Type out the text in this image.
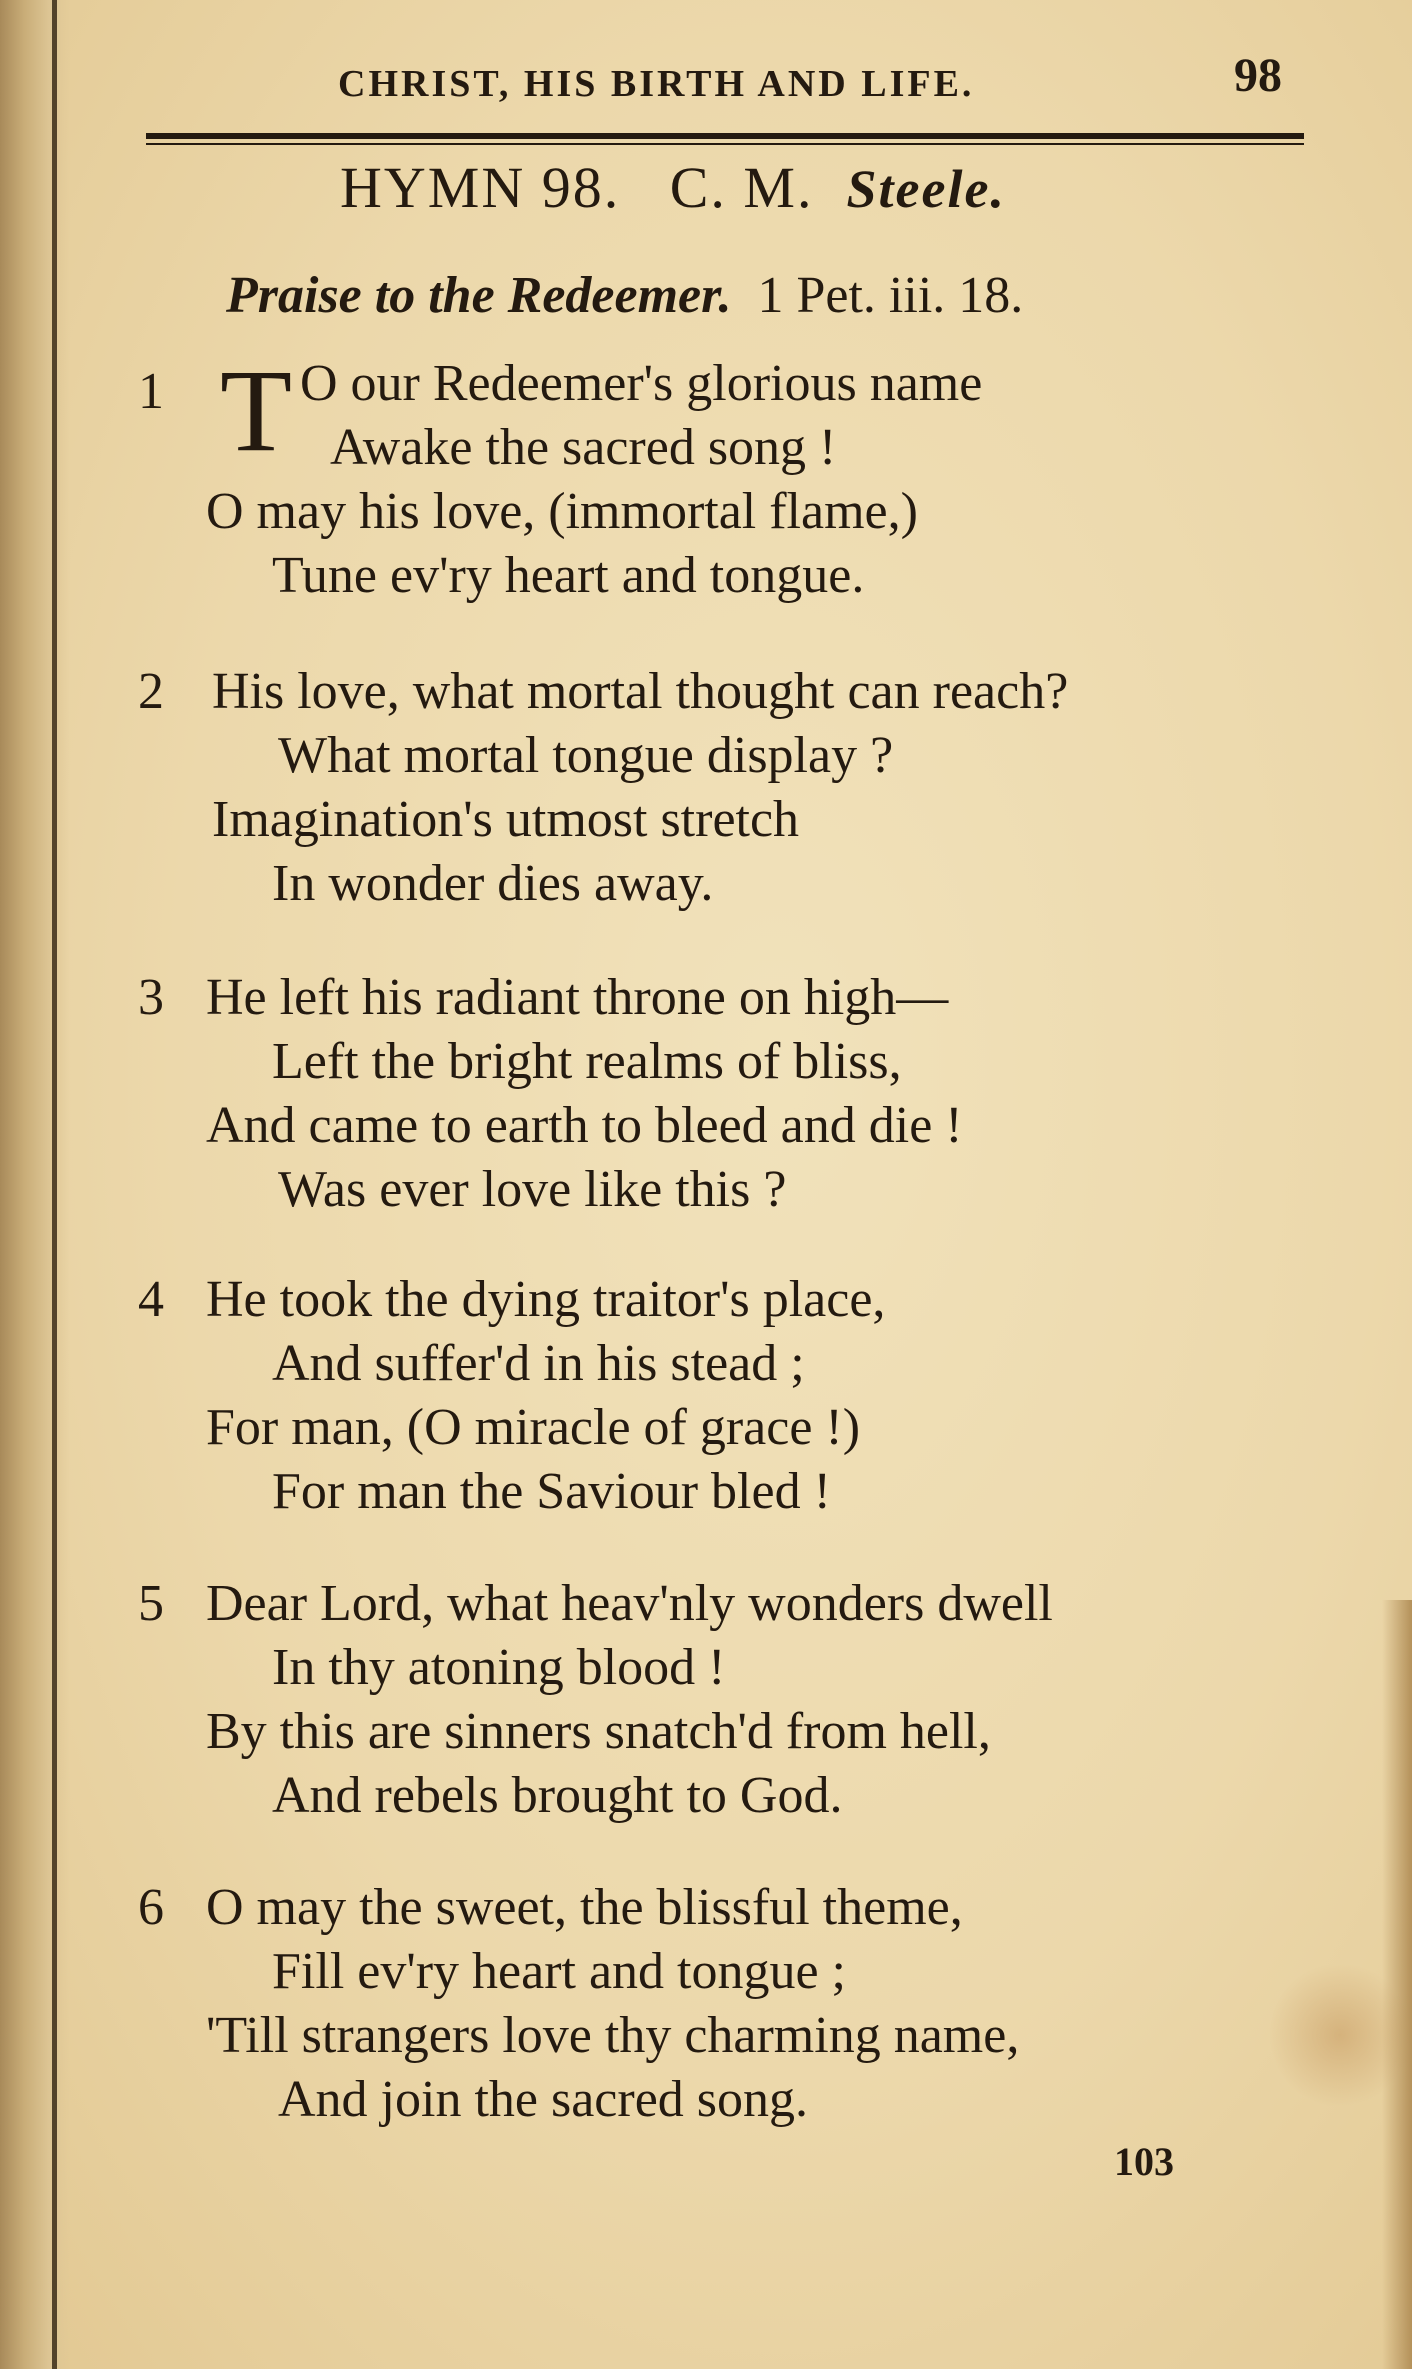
CHRIST, HIS BIRTH AND LIFE.	98
HYMN 98.   C. M. Steele.
Praise to the Redeemer. 1 Pet. iii. 18.
1 T O our Redeemer's glorious name
Awake the sacred song !
O may his love, (immortal flame,)
Tune ev'ry heart and tongue.
2 His love, what mortal thought can reach?
What mortal tongue display ?
Imagination's utmost stretch
In wonder dies away.
3 He left his radiant throne on high—
Left the bright realms of bliss,
And came to earth to bleed and die !
Was ever love like this ?
4 He took the dying traitor's place,
And suffer'd in his stead ;
For man, (O miracle of grace !)
For man the Saviour bled !
5 Dear Lord, what heav'nly wonders dwell
In thy atoning blood !
By this are sinners snatch'd from hell,
And rebels brought to God.
6 O may the sweet, the blissful theme,
Fill ev'ry heart and tongue ;
'Till strangers love thy charming name,
And join the sacred song.
103
